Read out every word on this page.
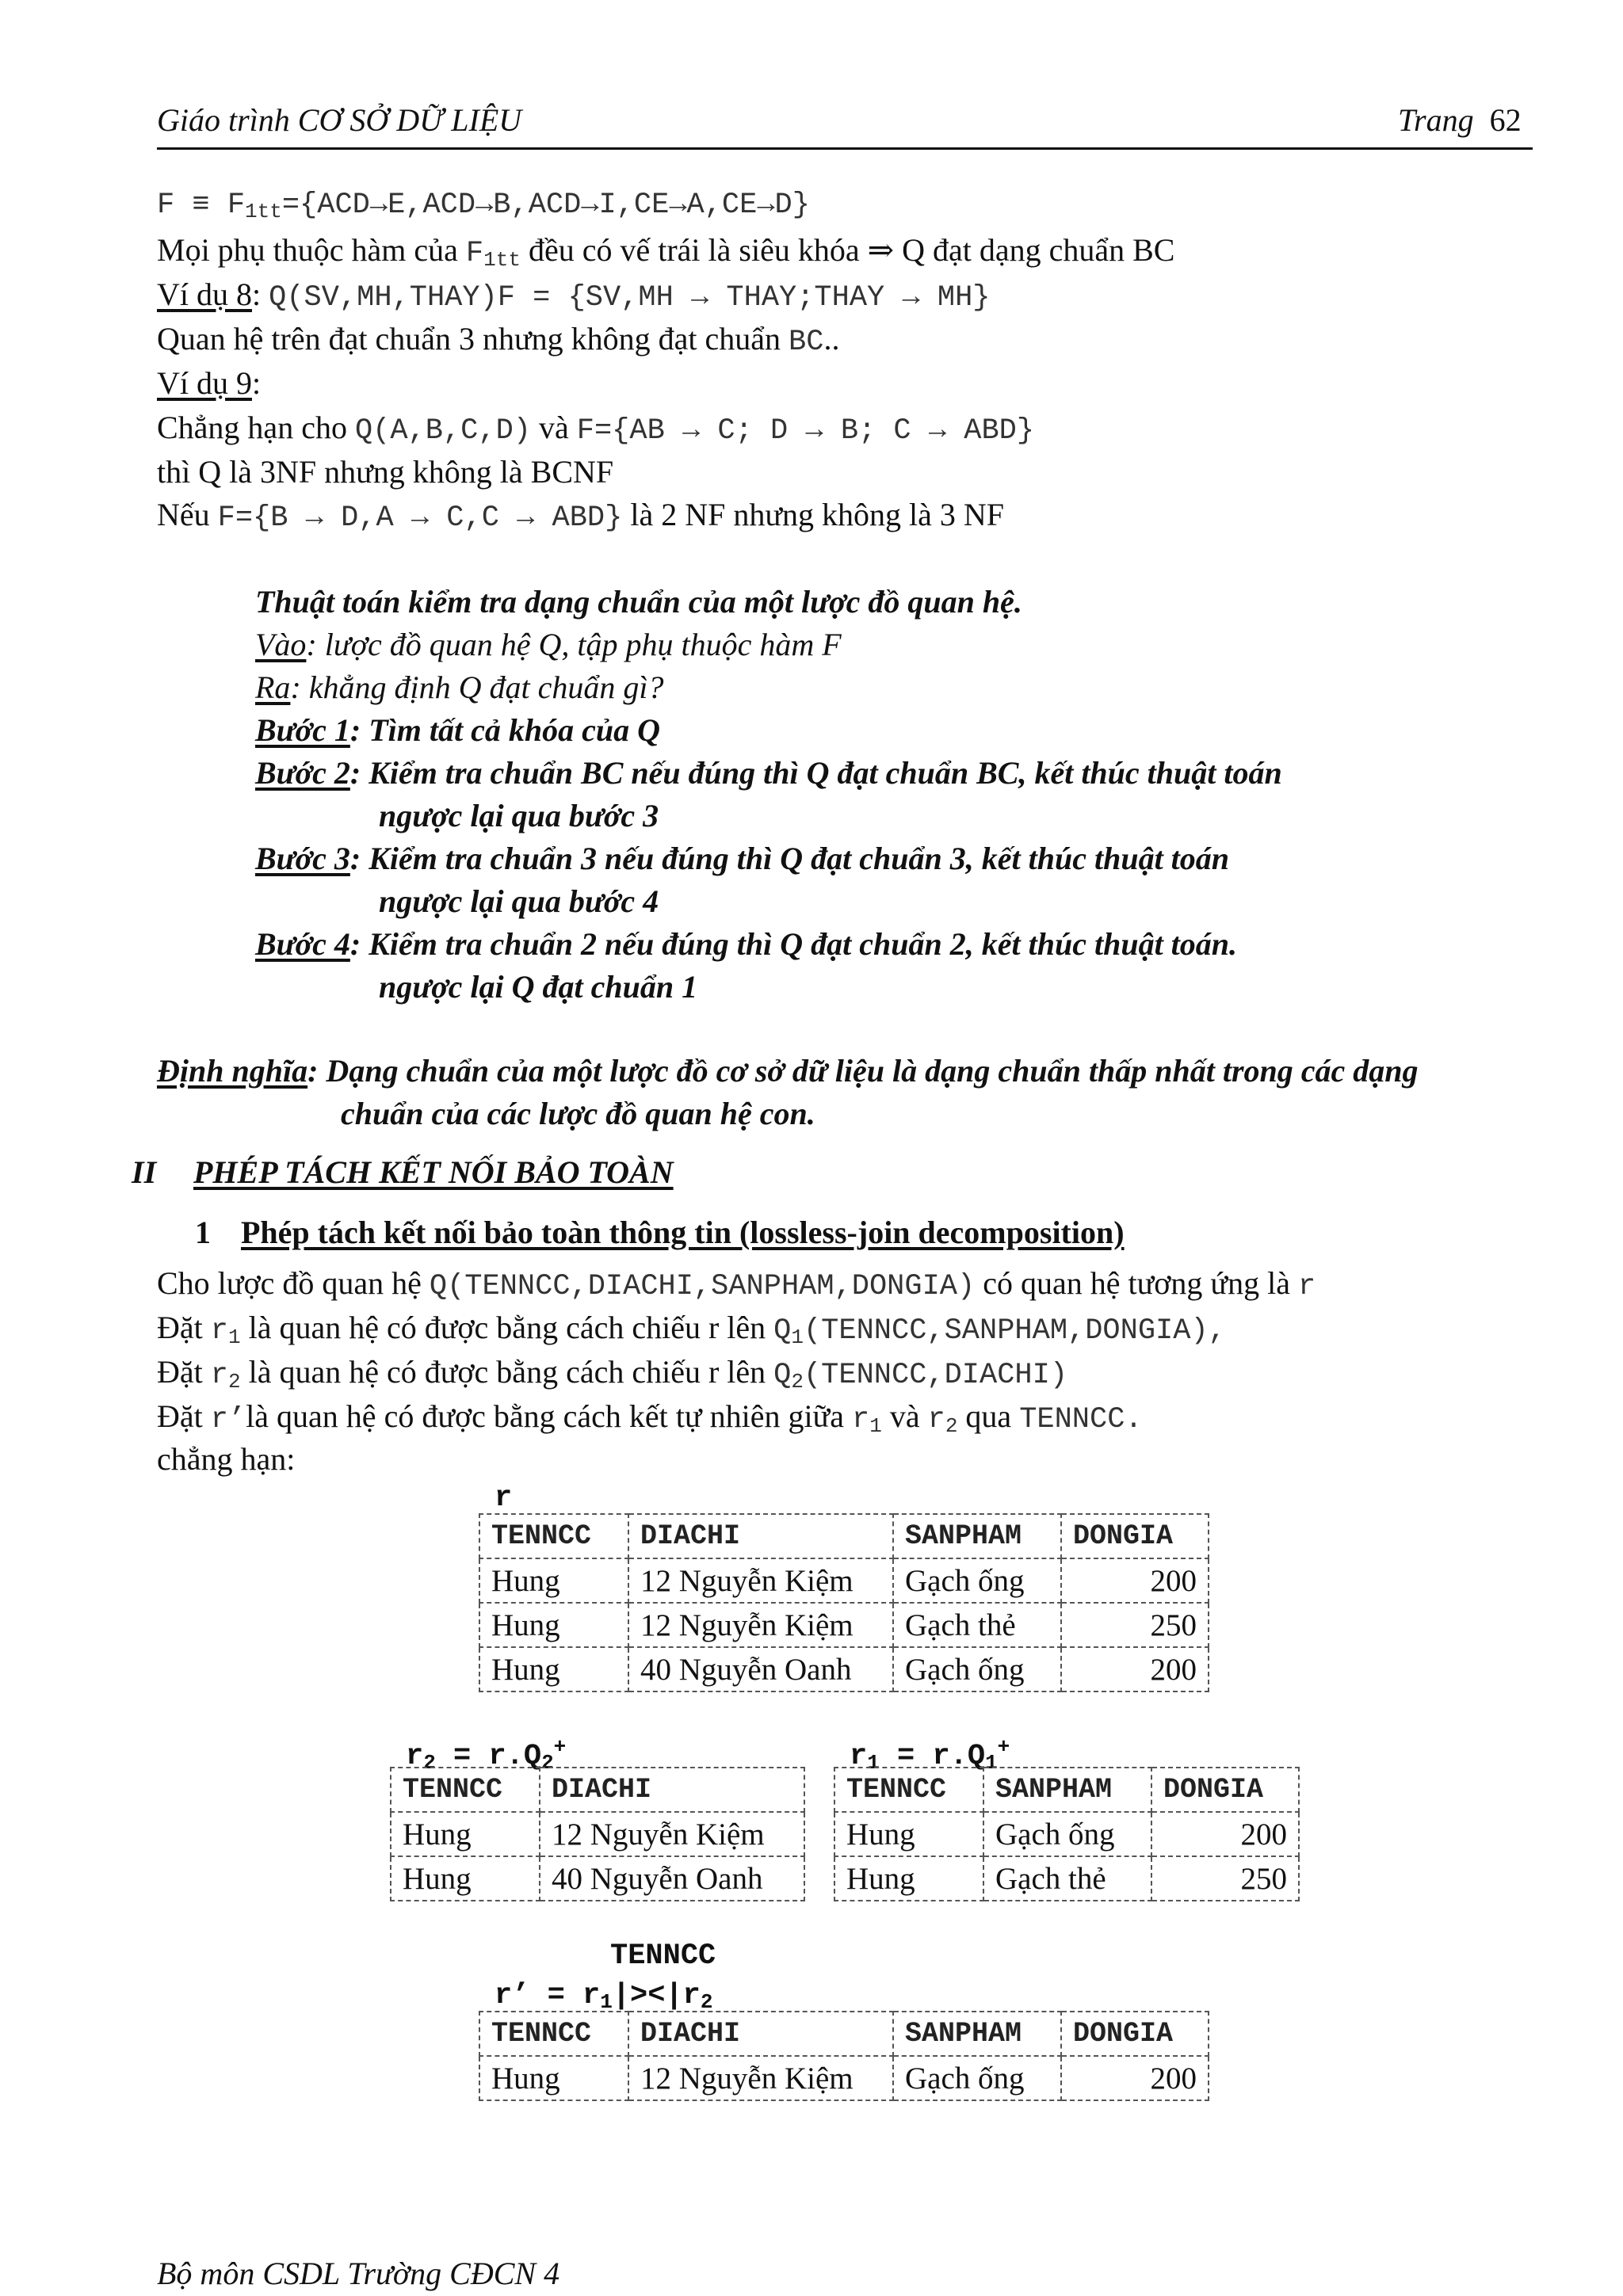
Giáo trình CƠ SỞ DỮ LIỆU	Trang 62
$F \equiv F_{1tt}=\{ACD\to E,ACD\to B,ACD\to I,CE\to A,CE\to D\}$
Mọi phụ thuộc hàm của $F_{1tt}$ đều có vế trái là siêu khóa ⇒ Q đạt dạng chuẩn BC
Ví dụ 8: Q(SV,MH,THAY)F = {SV,MH → THAY;THAY → MH}
Quan hệ trên đạt chuẩn 3 nhưng không đạt chuẩn BC..
Ví dụ 9:
Chẳng hạn cho Q(A,B,C,D) và F={AB → C; D → B; C → ABD}
thì Q là 3NF nhưng không là BCNF
Nếu F={B → D,A → C,C → ABD} là 2 NF nhưng không là 3 NF
Thuật toán kiểm tra dạng chuẩn của một lược đồ quan hệ.
Vào: lược đồ quan hệ Q, tập phụ thuộc hàm F
Ra: khẳng định Q đạt chuẩn gì?
Bước 1: Tìm tất cả khóa của Q
Bước 2: Kiểm tra chuẩn BC nếu đúng thì Q đạt chuẩn BC, kết thúc thuật toán
ngược lại qua bước 3
Bước 3: Kiểm tra chuẩn 3 nếu đúng thì Q đạt chuẩn 3, kết thúc thuật toán
ngược lại qua bước 4
Bước 4: Kiểm tra chuẩn 2 nếu đúng thì Q đạt chuẩn 2, kết thúc thuật toán.
ngược lại Q đạt chuẩn 1
Định nghĩa: Dạng chuẩn của một lược đồ cơ sở dữ liệu là dạng chuẩn thấp nhất trong các dạng
chuẩn của các lược đồ quan hệ con.
II PHÉP TÁCH KẾT NỐI BẢO TOÀN
1 Phép tách kết nối bảo toàn thông tin (lossless-join decomposition)
Cho lược đồ quan hệ Q(TENNCC,DIACHI,SANPHAM,DONGIA) có quan hệ tương ứng là r
Đặt $r_1$ là quan hệ có được bằng cách chiếu r lên $Q_1(TENNCC,SANPHAM,DONGIA)$,
Đặt $r_2$ là quan hệ có được bằng cách chiếu r lên $Q_2(TENNCC,DIACHI)$
Đặt r’là quan hệ có được bằng cách kết tự nhiên giữa $r_1$ và $r_2$ qua TENNCC.
chẳng hạn:
r
TENNCC	DIACHI	SANPHAM	DONGIA
Hung	12 Nguyễn Kiệm	Gạch ống	200
Hung	12 Nguyễn Kiệm	Gạch thẻ	250
Hung	40 Nguyễn Oanh	Gạch ống	200
$r_2 = r.Q_2^+$
TENNCC	DIACHI
Hung	12 Nguyễn Kiệm
Hung	40 Nguyễn Oanh
$r_1 = r.Q_1^+$
TENNCC	SANPHAM	DONGIA
Hung	Gạch ống	200
Hung	Gạch thẻ	250
TENNCC
r’ = $r_1|><|r_2$
TENNCC	DIACHI	SANPHAM	DONGIA
Hung	12 Nguyễn Kiệm	Gạch ống	200
Bộ môn CSDL Trường CĐCN 4
